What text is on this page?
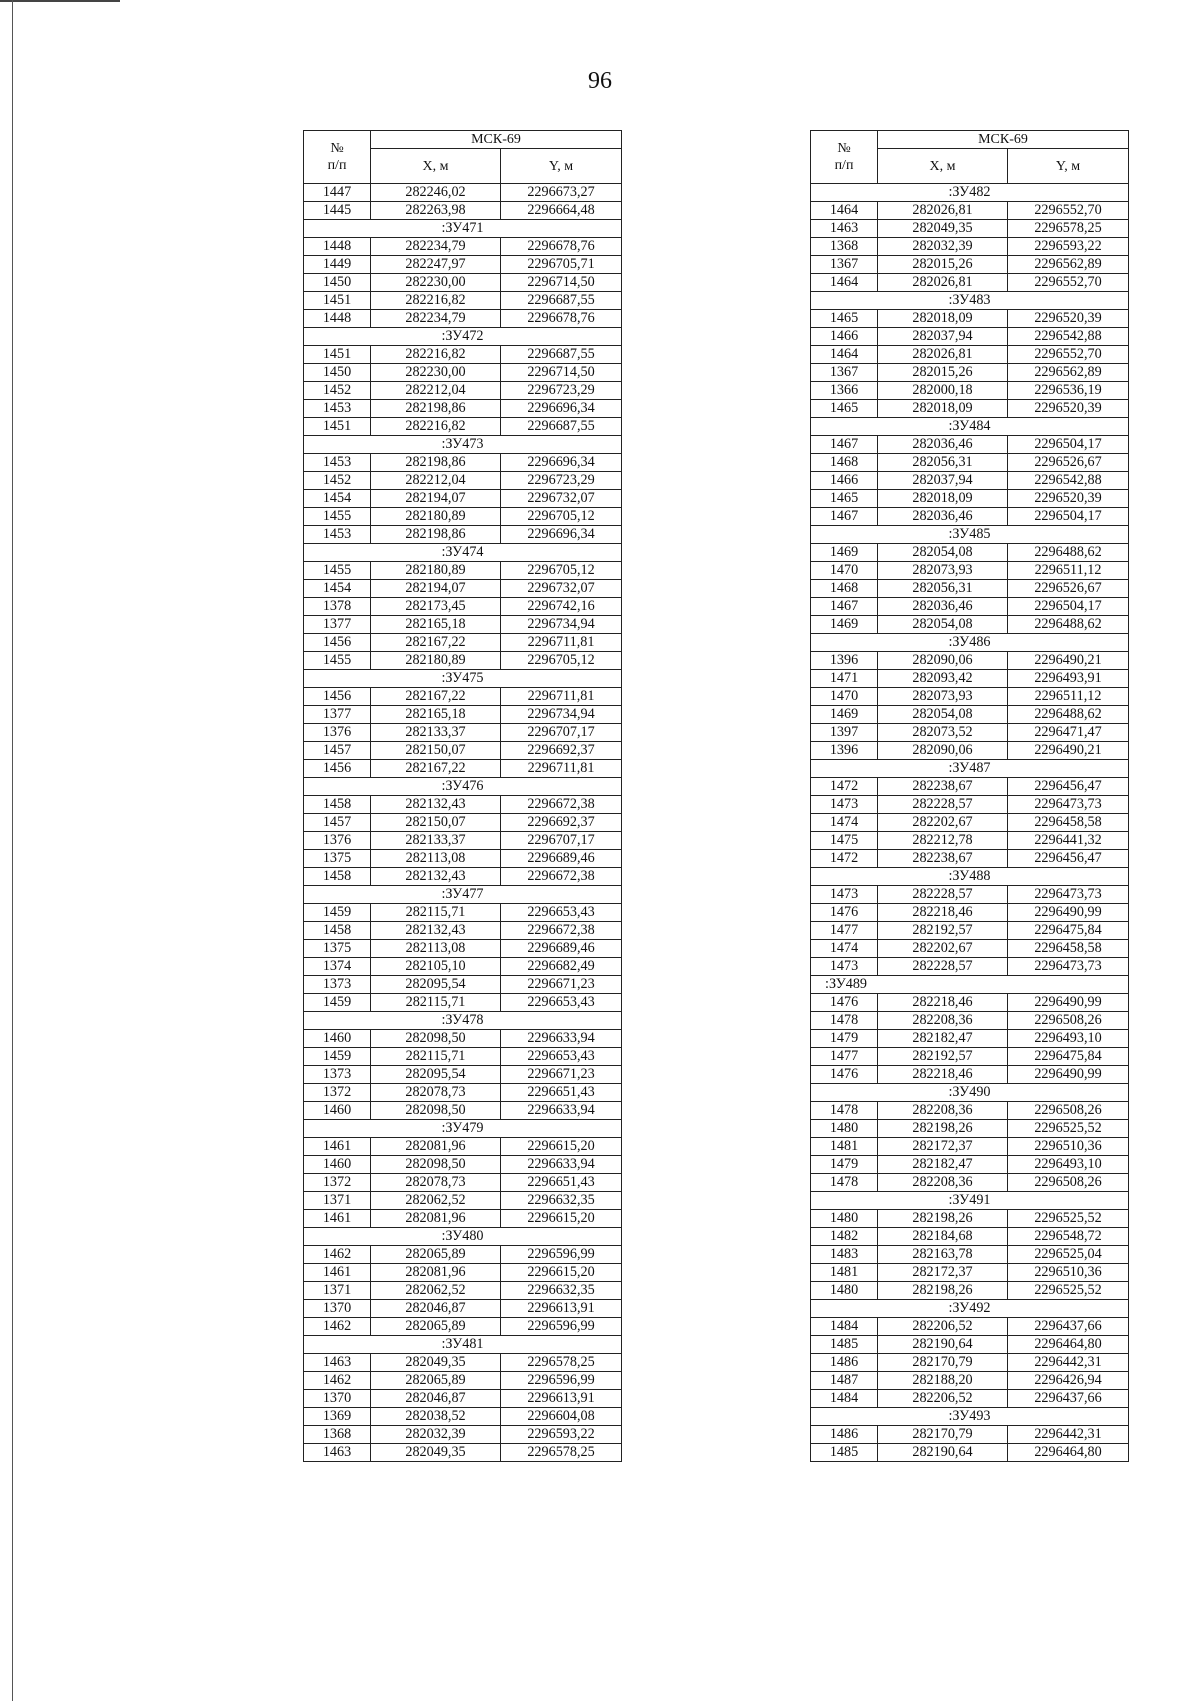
96
№
п/п	МСК-69	
	X, м	Y, м
1447	282246,02	2296673,27
1445	282263,98	2296664,48
:ЗУ471		
1448	282234,79	2296678,76
1449	282247,97	2296705,71
1450	282230,00	2296714,50
1451	282216,82	2296687,55
1448	282234,79	2296678,76
:ЗУ472		
1451	282216,82	2296687,55
1450	282230,00	2296714,50
1452	282212,04	2296723,29
1453	282198,86	2296696,34
1451	282216,82	2296687,55
:ЗУ473		
1453	282198,86	2296696,34
1452	282212,04	2296723,29
1454	282194,07	2296732,07
1455	282180,89	2296705,12
1453	282198,86	2296696,34
:ЗУ474		
1455	282180,89	2296705,12
1454	282194,07	2296732,07
1378	282173,45	2296742,16
1377	282165,18	2296734,94
1456	282167,22	2296711,81
1455	282180,89	2296705,12
:ЗУ475		
1456	282167,22	2296711,81
1377	282165,18	2296734,94
1376	282133,37	2296707,17
1457	282150,07	2296692,37
1456	282167,22	2296711,81
:ЗУ476		
1458	282132,43	2296672,38
1457	282150,07	2296692,37
1376	282133,37	2296707,17
1375	282113,08	2296689,46
1458	282132,43	2296672,38
:ЗУ477		
1459	282115,71	2296653,43
1458	282132,43	2296672,38
1375	282113,08	2296689,46
1374	282105,10	2296682,49
1373	282095,54	2296671,23
1459	282115,71	2296653,43
:ЗУ478		
1460	282098,50	2296633,94
1459	282115,71	2296653,43
1373	282095,54	2296671,23
1372	282078,73	2296651,43
1460	282098,50	2296633,94
:ЗУ479		
1461	282081,96	2296615,20
1460	282098,50	2296633,94
1372	282078,73	2296651,43
1371	282062,52	2296632,35
1461	282081,96	2296615,20
:ЗУ480		
1462	282065,89	2296596,99
1461	282081,96	2296615,20
1371	282062,52	2296632,35
1370	282046,87	2296613,91
1462	282065,89	2296596,99
:ЗУ481		
1463	282049,35	2296578,25
1462	282065,89	2296596,99
1370	282046,87	2296613,91
1369	282038,52	2296604,08
1368	282032,39	2296593,22
1463	282049,35	2296578,25
№
п/п	МСК-69	
	X, м	Y, м
:ЗУ482		
1464	282026,81	2296552,70
1463	282049,35	2296578,25
1368	282032,39	2296593,22
1367	282015,26	2296562,89
1464	282026,81	2296552,70
:ЗУ483		
1465	282018,09	2296520,39
1466	282037,94	2296542,88
1464	282026,81	2296552,70
1367	282015,26	2296562,89
1366	282000,18	2296536,19
1465	282018,09	2296520,39
:ЗУ484		
1467	282036,46	2296504,17
1468	282056,31	2296526,67
1466	282037,94	2296542,88
1465	282018,09	2296520,39
1467	282036,46	2296504,17
:ЗУ485		
1469	282054,08	2296488,62
1470	282073,93	2296511,12
1468	282056,31	2296526,67
1467	282036,46	2296504,17
1469	282054,08	2296488,62
:ЗУ486		
1396	282090,06	2296490,21
1471	282093,42	2296493,91
1470	282073,93	2296511,12
1469	282054,08	2296488,62
1397	282073,52	2296471,47
1396	282090,06	2296490,21
:ЗУ487		
1472	282238,67	2296456,47
1473	282228,57	2296473,73
1474	282202,67	2296458,58
1475	282212,78	2296441,32
1472	282238,67	2296456,47
:ЗУ488		
1473	282228,57	2296473,73
1476	282218,46	2296490,99
1477	282192,57	2296475,84
1474	282202,67	2296458,58
1473	282228,57	2296473,73
:ЗУ489		
1476	282218,46	2296490,99
1478	282208,36	2296508,26
1479	282182,47	2296493,10
1477	282192,57	2296475,84
1476	282218,46	2296490,99
:ЗУ490		
1478	282208,36	2296508,26
1480	282198,26	2296525,52
1481	282172,37	2296510,36
1479	282182,47	2296493,10
1478	282208,36	2296508,26
:ЗУ491		
1480	282198,26	2296525,52
1482	282184,68	2296548,72
1483	282163,78	2296525,04
1481	282172,37	2296510,36
1480	282198,26	2296525,52
:ЗУ492		
1484	282206,52	2296437,66
1485	282190,64	2296464,80
1486	282170,79	2296442,31
1487	282188,20	2296426,94
1484	282206,52	2296437,66
:ЗУ493		
1486	282170,79	2296442,31
1485	282190,64	2296464,80
